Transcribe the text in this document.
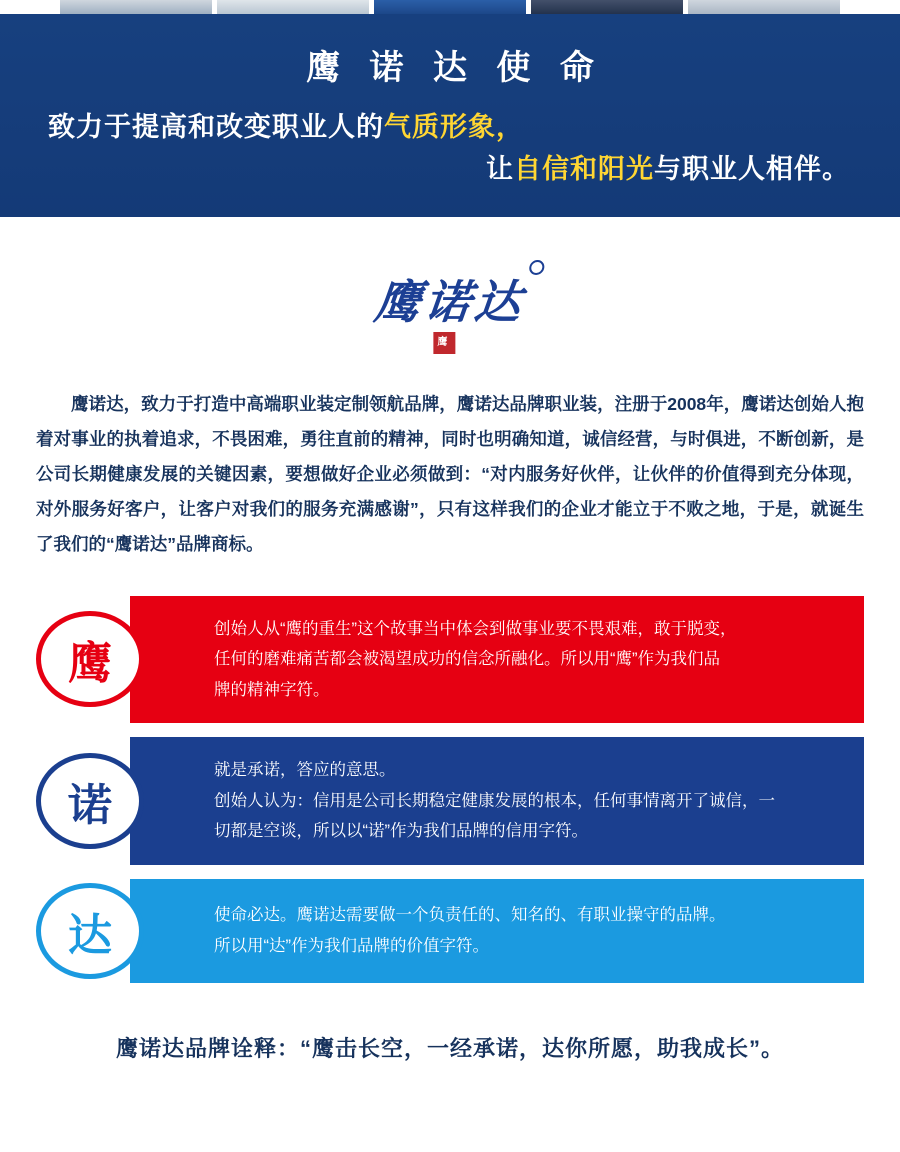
鹰 诺 达 使 命
致力于提高和改变职业人的气质形象，
让自信和阳光与职业人相伴。
鹰诺达
鹰
鹰诺达，致力于打造中高端职业装定制领航品牌，鹰诺达品牌职业装，注册于2008年，鹰诺达创始人抱着对事业的执着追求，不畏困难，勇往直前的精神，同时也明确知道，诚信经营，与时俱进，不断创新，是公司长期健康发展的关键因素，要想做好企业必须做到：“对内服务好伙伴，让伙伴的价值得到充分体现，对外服务好客户，让客户对我们的服务充满感谢”，只有这样我们的企业才能立于不败之地，于是，就诞生了我们的“鹰诺达”品牌商标。
鹰
创始人从“鹰的重生”这个故事当中体会到做事业要不畏艰难，敢于脱变，
任何的磨难痛苦都会被渴望成功的信念所融化。所以用“鹰”作为我们品
牌的精神字符。
诺
就是承诺，答应的意思。
创始人认为：信用是公司长期稳定健康发展的根本，任何事情离开了诚信，一
切都是空谈，所以以“诺”作为我们品牌的信用字符。
达	使命必达。鹰诺达需要做一个负责任的、知名的、有职业操守的品牌。
所以用“达”作为我们品牌的价值字符。
鹰诺达品牌诠释：“鹰击长空，一经承诺，达你所愿，助我成长”。
